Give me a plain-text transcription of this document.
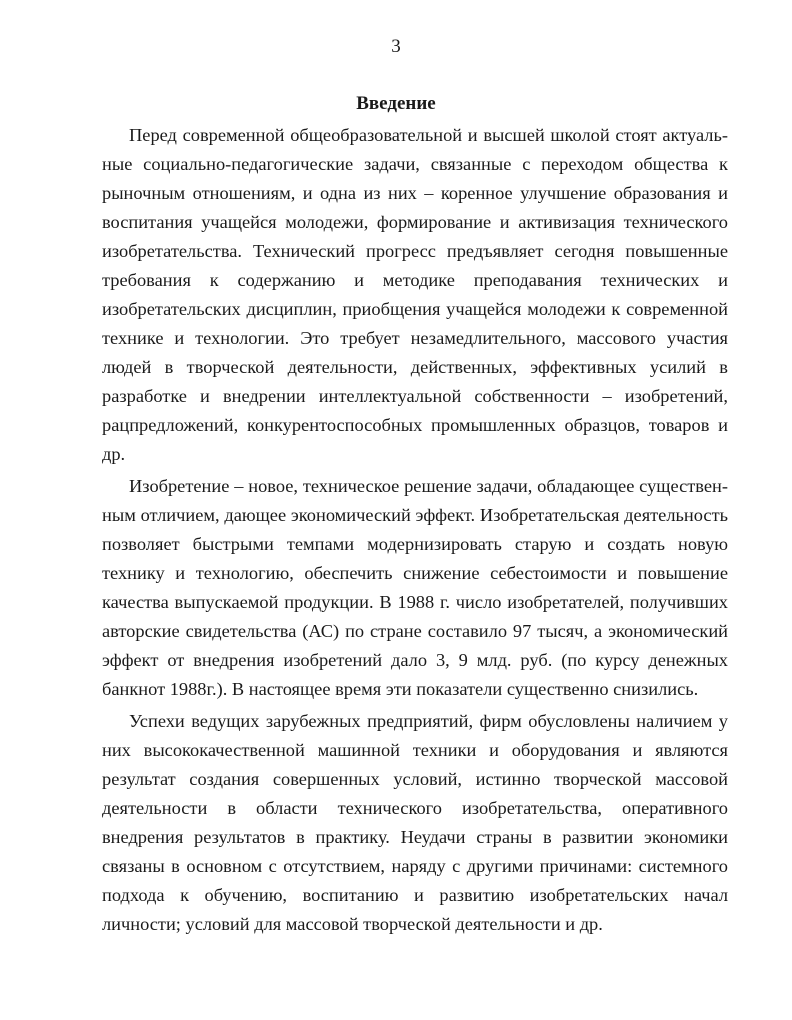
3

Введение

Перед современной общеобразовательной и высшей школой стоят актуальные социально-педагогические задачи, связанные с переходом общества к рыночным отношениям, и одна из них – коренное улучшение образования и воспитания учащейся молодежи, формирование и активизация технического изобретательства. Технический прогресс предъявляет сегодня повышенные требования к содержанию и методике преподавания технических и изобретательских дисциплин, приобщения учащейся молодежи к современной технике и технологии. Это требует незамедлительного, массового участия людей в творческой деятельности, действенных, эффективных усилий в разработке и внедрении интеллектуальной собственности – изобретений, рацпредложений, конкурентоспособных промышленных образцов, товаров и др.

Изобретение – новое, техническое решение задачи, обладающее существенным отличием, дающее экономический эффект. Изобретательская деятельность позволяет быстрыми темпами модернизировать старую и создать новую технику и технологию, обеспечить снижение себестоимости и повышение качества выпускаемой продукции. В 1988 г. число изобретателей, получивших авторские свидетельства (АС) по стране составило 97 тысяч, а экономический эффект от внедрения изобретений дало 3, 9 млд. руб. (по курсу денежных банкнот 1988г.). В настоящее время эти показатели существенно снизились.

Успехи ведущих зарубежных предприятий, фирм обусловлены наличием у них высококачественной машинной техники и оборудования и являются результат создания совершенных условий, истинно творческой массовой деятельности в области технического изобретательства, оперативного внедрения результатов в практику. Неудачи страны в развитии экономики связаны в основном с отсутствием, наряду с другими причинами: системного подхода к обучению, воспитанию и развитию изобретательских начал личности; условий для массовой творческой деятельности и др.
